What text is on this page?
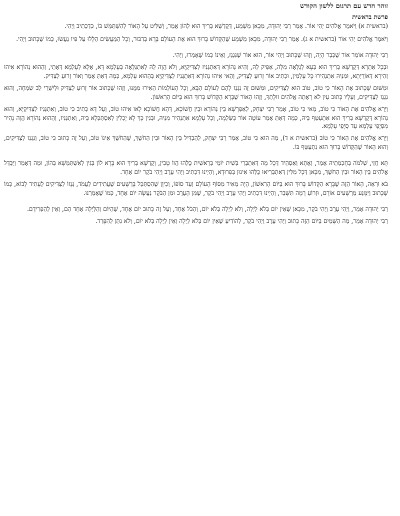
זוהר חדש עם תרגום ללשון הקודש
פרשת בראשית

(בראשית א) וַיֹּאמֶר אֱלֹהִים יְהִי אוֹר. אָמַר רַבִּי יְהוּדָה, מִכָּאן מַשְׁמַע, דְּקֻדְשָׁא בְּרִיךְ הוּא לְהוֹן אֲמַר, וְשַׁלִּיט עַל הָאוֹר לְהִשְׁתַּמֵּשׁ בּוֹ, כִּדְכְתִיב וַיְהִי.

וַיֹּאמֶר אֱלֹהִים יְהִי אוֹר (בראשית א ג). אָמַר רַבִּי יְהוּדָה, מִכָּאן מַשְׁמַע שֶׁהַקָּדוֹשׁ בָּרוּךְ הוּא אֶת הָעוֹלָם בָּרָא בְּדִבּוּר, וְכָל הַמַּעֲשִׂים הַלָּלוּ עַל פִּיו נַעֲשׂוּ, כְּמוֹ שֶׁכָּתוּב וַיְהִי.

רַבִּי יְהוּדָה אוֹמֵר אוֹר שֶׁכְּבָר הָיָה, וְזֶהוּ שֶׁכָּתוּב וַיְהִי אוֹר, הוּא אוֹר שֶׁנִּגְנַז, וְאֵינוֹ כְּמוֹ שֶׁאָמְרוּ, וַיְהִי.

וּבְכָל אַתְרָא דְּקֻדְשָׁא בְּרִיךְ הוּא בְּעָא לְגַלָּאָה מִלָּה, אַפֵּיק לֵהּ, וְהִיא נְהוֹרָא דְּאִתְגְּנִיז לְצַדִּיקַיָּא, וְלֹא הֲוָה לֵהּ לְאִתְגַּלָּאָה בְּעָלְמָא דָּא, אֶלָּא לְעָלְמָא דְּאָתֵי, וְהַהוּא נְהוֹרָא אִיהוּ זְהִירָא דְּאוֹרַיְתָא, וּמִנֵּיהּ אִתְנְהִירוּ כָּל עָלְמִין, וּכְתִיב אוֹר זָרוּעַ לַצַּדִּיק, וְהַאי אִיהוּ נְהוֹרָא דְּאִתְגְּנִיז לְצַדִּיקַיָּא בְּהַהוּא עָלְמָא, כְּמָה דְּאַתְּ אָמֵר וְאוֹר זָרוּעַ לַצַּדִּיק.

וּמִשּׁוּם שֶׁכָּתוּב אֶת הָאוֹר כִּי טוֹב, טוֹב הוּא לַצַּדִּיקִים, וּמִשּׁוּם זֶה נִגְנַז לָהֶם לְעוֹלָם הַבָּא, וְכָל הָעוֹלָמוֹת הֵאִירוּ מִמֶּנּוּ, וְזֶהוּ שֶׁכָּתוּב אוֹר זָרוּעַ לַצַּדִּיק וּלְיִשְׁרֵי לֵב שִׂמְחָה, וְהוּא נִגְנַז לַצַּדִּיקִים, וְעָלָיו כָּתוּב עַיִן לֹא רָאָתָה אֱלֹהִים זוּלָתְךָ, וְזֶהוּ הָאוֹר שֶׁבָּרָא הַקָּדוֹשׁ בָּרוּךְ הוּא בַּיּוֹם הָרִאשׁוֹן.

וַיַּרְא אֱלֹהִים אֶת הָאוֹר כִּי טוֹב, מַאי כִּי טוֹב, אָמַר רַבִּי יִצְחָק, לְאַפְרָשָׁא בֵּין נְהוֹרָא וּבֵין חֲשׁוֹכָא, דְּהָא חֲשׁוֹכָא לָאו אִיהוּ טוֹב, וְעַל דָּא כְּתִיב כִּי טוֹב, וְאִתְגְּנִיז לְצַדִּיקַיָּא, וְהוּא נְהוֹרָא דְּקֻדְשָׁא בְּרִיךְ הוּא אִתְעַטַּף בֵּיהּ, כְּמָה דְּאַתְּ אָמֵר עוֹטֶה אוֹר כַּשַּׂלְמָה, וְכָל עָלְמָא אִתְנְהִיר מִנֵּיהּ, וּבְגִין כָּךְ לָא יָכְלִין לְאִסְתַּכְּלָא בֵּיהּ, וְאִתְגְּנִיז, וְהַהוּא נְהוֹרָא הֲוָה נָהִיר מִסְּיָפֵי עָלְמָא עַד סְיָפֵי עָלְמָא.

וַיַּרְא אֱלֹהִים אֶת הָאוֹר כִּי טוֹב (בראשית א ד), מַה הוּא כִּי טוֹב, אָמַר רַבִּי יִצְחָק, לְהַבְדִּיל בֵּין הָאוֹר וּבֵין הַחֹשֶׁךְ, שֶׁהַחֹשֶׁךְ אֵינוֹ טוֹב, וְעַל זֶה כָּתוּב כִּי טוֹב, וְנִגְנַז לַצַּדִּיקִים, וְהוּא הָאוֹר שֶׁהַקָּדוֹשׁ בָּרוּךְ הוּא נִתְעַטֵּף בּוֹ.

תָּא חֲזֵי, שְׁלֹמֹה בְּחָכְמְתֵיהּ אָמַר, וְאָתָא וְאַסְהֵיד דְּכָל מָה דְּאִתְבְּרֵי בְּשִׁית יוֹמֵי בְּרֵאשִׁית כֻּלְּהוּ הֲווֹ טָבִין, וְקֻדְשָׁא בְּרִיךְ הוּא בָּרָא לוֹן בְּגִין לְאִשְׁתַּמְּשָׁא בְּהוֹן, וּמַה דְּאָמַר וַיַּבְדֵּל אֱלֹהִים בֵּין הָאוֹר וּבֵין הַחֹשֶׁךְ, מִכָּאן דְּכָל מִלִּין דְּאִתְבְּרִיאוּ כֻּלְּהוּ אִינוּן בְּפִרוּדָא, וְהַיְינוּ דִּכְתִיב וַיְהִי עֶרֶב וַיְהִי בֹקֶר יוֹם אֶחָד.

בֹּא וּרְאֵה, הָאוֹר הַזֶּה שֶׁבָּרָא הַקָּדוֹשׁ בָּרוּךְ הוּא בַּיּוֹם הָרִאשׁוֹן, הָיָה מֵאִיר מִסּוֹף הָעוֹלָם וְעַד סוֹפוֹ, וְכֵיוָן שֶׁהִסְתַּכֵּל בָּרְשָׁעִים שֶׁעֲתִידִים לַעֲמֹד, גְּנָזוֹ לַצַּדִּיקִים לֶעָתִיד לָבוֹא, כְּמוֹ שֶׁכָּתוּב וַיִּמָּנַע מֵרְשָׁעִים אוֹרָם, וּזְרוֹעַ רָמָה תִּשָּׁבֵר, וְהַיְינוּ דִּכְתִיב וַיְהִי עֶרֶב וַיְהִי בֹקֶר, שֶׁמִּן הָעֶרֶב וּמִן הַבֹּקֶר נַעֲשָׂה יוֹם אֶחָד, כְּמוֹ שֶׁאָמַרְנוּ.

רַבִּי יְהוּדָה אָמַר, וַיְהִי עֶרֶב וַיְהִי בֹקֶר, מִכָּאן שֶׁאֵין יוֹם בְּלֹא לַיְלָה, וְלֹא לַיְלָה בְּלֹא יוֹם, וְהַכֹּל אֶחָד, וְעַל זֶה כָּתוּב יוֹם אֶחָד, שֶׁהַיּוֹם וְהַלַּיְלָה אֶחָד הֵם, וְאֵין לְהַפְרִידָם.

רַבִּי יְהוּדָה אָמַר, מַה הַשָּׁמַיִם בַּיּוֹם הַזֶּה כָּתוּב וַיְהִי עֶרֶב וַיְהִי בֹקֶר, לְהוֹדִיעַ שֶׁאֵין יוֹם בְּלֹא לַיְלָה וְאֵין לַיְלָה בְּלֹא יוֹם, וְלֹא נִתַּן לְהִפָּרֵד.
